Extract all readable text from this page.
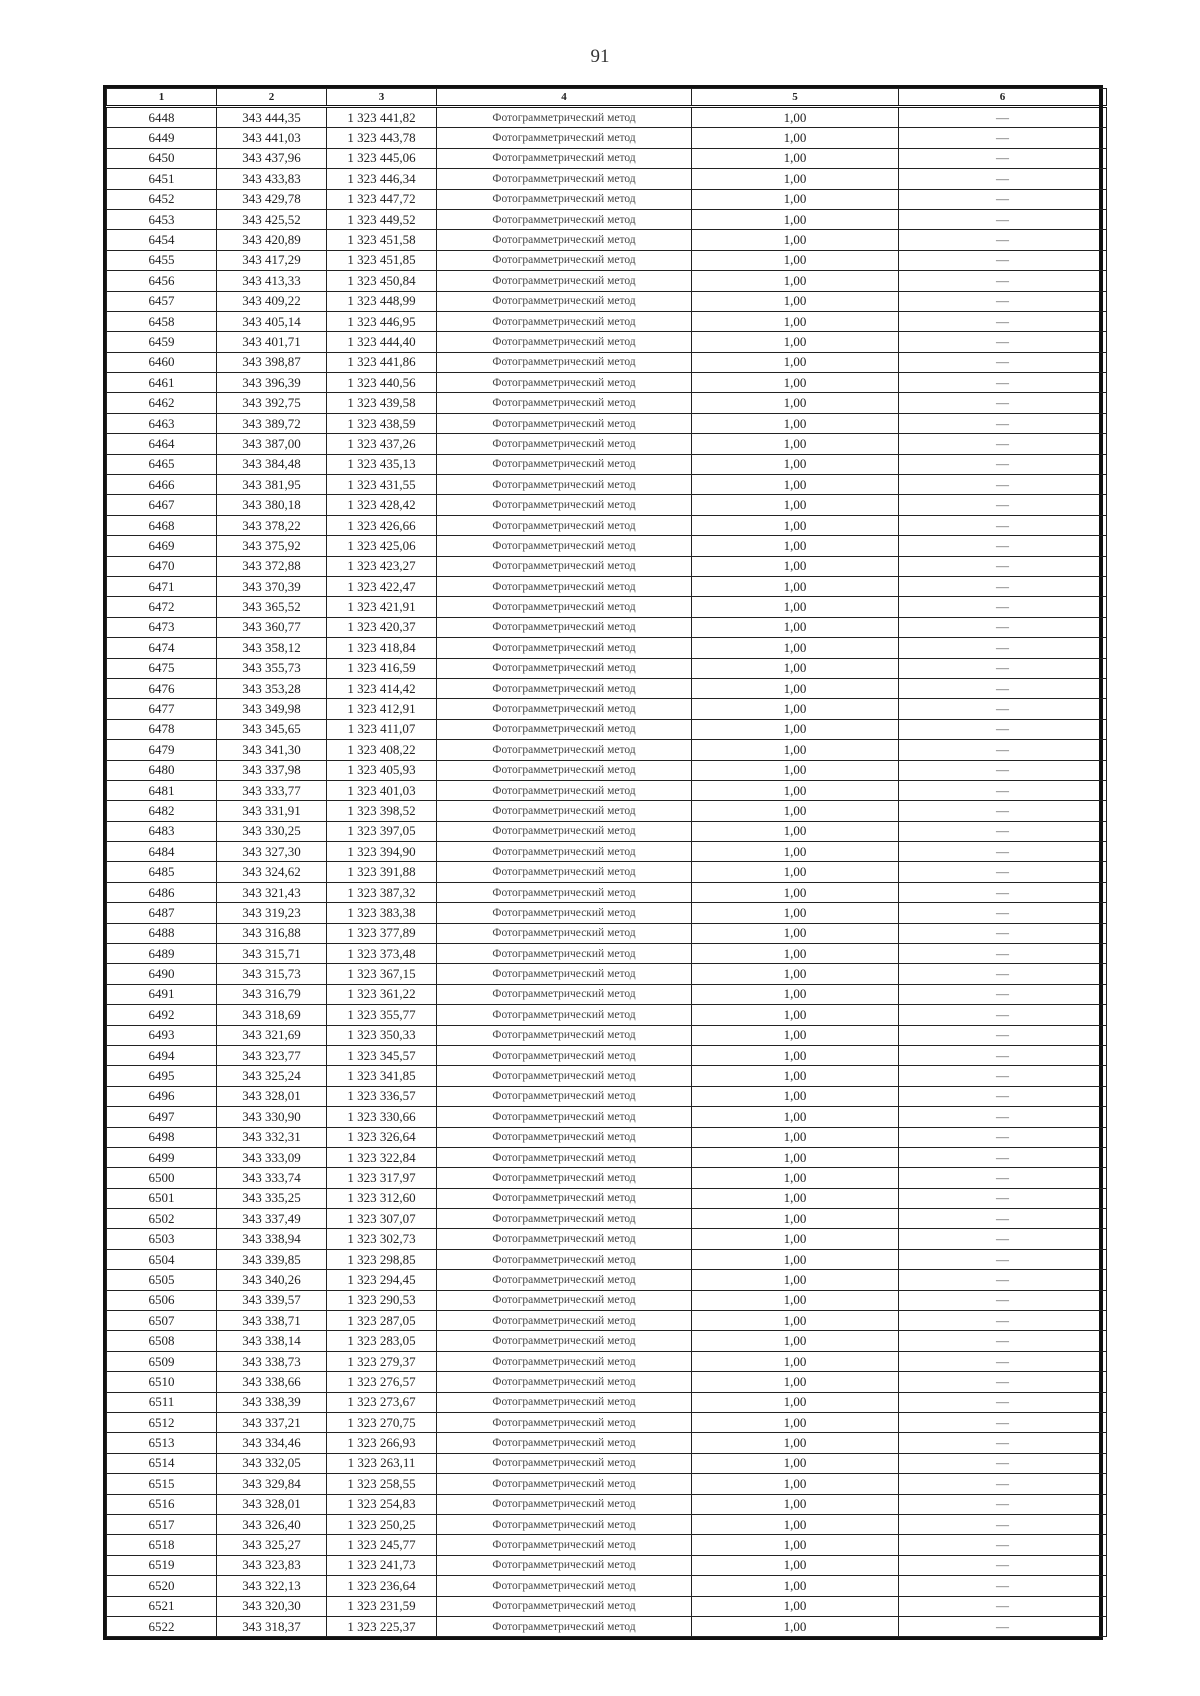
91
1	2	3	4	5	6
6448	343 444,35	1 323 441,82	Фотограмметрический метод	1,00	—
6449	343 441,03	1 323 443,78	Фотограмметрический метод	1,00	—
6450	343 437,96	1 323 445,06	Фотограмметрический метод	1,00	—
6451	343 433,83	1 323 446,34	Фотограмметрический метод	1,00	—
6452	343 429,78	1 323 447,72	Фотограмметрический метод	1,00	—
6453	343 425,52	1 323 449,52	Фотограмметрический метод	1,00	—
6454	343 420,89	1 323 451,58	Фотограмметрический метод	1,00	—
6455	343 417,29	1 323 451,85	Фотограмметрический метод	1,00	—
6456	343 413,33	1 323 450,84	Фотограмметрический метод	1,00	—
6457	343 409,22	1 323 448,99	Фотограмметрический метод	1,00	—
6458	343 405,14	1 323 446,95	Фотограмметрический метод	1,00	—
6459	343 401,71	1 323 444,40	Фотограмметрический метод	1,00	—
6460	343 398,87	1 323 441,86	Фотограмметрический метод	1,00	—
6461	343 396,39	1 323 440,56	Фотограмметрический метод	1,00	—
6462	343 392,75	1 323 439,58	Фотограмметрический метод	1,00	—
6463	343 389,72	1 323 438,59	Фотограмметрический метод	1,00	—
6464	343 387,00	1 323 437,26	Фотограмметрический метод	1,00	—
6465	343 384,48	1 323 435,13	Фотограмметрический метод	1,00	—
6466	343 381,95	1 323 431,55	Фотограмметрический метод	1,00	—
6467	343 380,18	1 323 428,42	Фотограмметрический метод	1,00	—
6468	343 378,22	1 323 426,66	Фотограмметрический метод	1,00	—
6469	343 375,92	1 323 425,06	Фотограмметрический метод	1,00	—
6470	343 372,88	1 323 423,27	Фотограмметрический метод	1,00	—
6471	343 370,39	1 323 422,47	Фотограмметрический метод	1,00	—
6472	343 365,52	1 323 421,91	Фотограмметрический метод	1,00	—
6473	343 360,77	1 323 420,37	Фотограмметрический метод	1,00	—
6474	343 358,12	1 323 418,84	Фотограмметрический метод	1,00	—
6475	343 355,73	1 323 416,59	Фотограмметрический метод	1,00	—
6476	343 353,28	1 323 414,42	Фотограмметрический метод	1,00	—
6477	343 349,98	1 323 412,91	Фотограмметрический метод	1,00	—
6478	343 345,65	1 323 411,07	Фотограмметрический метод	1,00	—
6479	343 341,30	1 323 408,22	Фотограмметрический метод	1,00	—
6480	343 337,98	1 323 405,93	Фотограмметрический метод	1,00	—
6481	343 333,77	1 323 401,03	Фотограмметрический метод	1,00	—
6482	343 331,91	1 323 398,52	Фотограмметрический метод	1,00	—
6483	343 330,25	1 323 397,05	Фотограмметрический метод	1,00	—
6484	343 327,30	1 323 394,90	Фотограмметрический метод	1,00	—
6485	343 324,62	1 323 391,88	Фотограмметрический метод	1,00	—
6486	343 321,43	1 323 387,32	Фотограмметрический метод	1,00	—
6487	343 319,23	1 323 383,38	Фотограмметрический метод	1,00	—
6488	343 316,88	1 323 377,89	Фотограмметрический метод	1,00	—
6489	343 315,71	1 323 373,48	Фотограмметрический метод	1,00	—
6490	343 315,73	1 323 367,15	Фотограмметрический метод	1,00	—
6491	343 316,79	1 323 361,22	Фотограмметрический метод	1,00	—
6492	343 318,69	1 323 355,77	Фотограмметрический метод	1,00	—
6493	343 321,69	1 323 350,33	Фотограмметрический метод	1,00	—
6494	343 323,77	1 323 345,57	Фотограмметрический метод	1,00	—
6495	343 325,24	1 323 341,85	Фотограмметрический метод	1,00	—
6496	343 328,01	1 323 336,57	Фотограмметрический метод	1,00	—
6497	343 330,90	1 323 330,66	Фотограмметрический метод	1,00	—
6498	343 332,31	1 323 326,64	Фотограмметрический метод	1,00	—
6499	343 333,09	1 323 322,84	Фотограмметрический метод	1,00	—
6500	343 333,74	1 323 317,97	Фотограмметрический метод	1,00	—
6501	343 335,25	1 323 312,60	Фотограмметрический метод	1,00	—
6502	343 337,49	1 323 307,07	Фотограмметрический метод	1,00	—
6503	343 338,94	1 323 302,73	Фотограмметрический метод	1,00	—
6504	343 339,85	1 323 298,85	Фотограмметрический метод	1,00	—
6505	343 340,26	1 323 294,45	Фотограмметрический метод	1,00	—
6506	343 339,57	1 323 290,53	Фотограмметрический метод	1,00	—
6507	343 338,71	1 323 287,05	Фотограмметрический метод	1,00	—
6508	343 338,14	1 323 283,05	Фотограмметрический метод	1,00	—
6509	343 338,73	1 323 279,37	Фотограмметрический метод	1,00	—
6510	343 338,66	1 323 276,57	Фотограмметрический метод	1,00	—
6511	343 338,39	1 323 273,67	Фотограмметрический метод	1,00	—
6512	343 337,21	1 323 270,75	Фотограмметрический метод	1,00	—
6513	343 334,46	1 323 266,93	Фотограмметрический метод	1,00	—
6514	343 332,05	1 323 263,11	Фотограмметрический метод	1,00	—
6515	343 329,84	1 323 258,55	Фотограмметрический метод	1,00	—
6516	343 328,01	1 323 254,83	Фотограмметрический метод	1,00	—
6517	343 326,40	1 323 250,25	Фотограмметрический метод	1,00	—
6518	343 325,27	1 323 245,77	Фотограмметрический метод	1,00	—
6519	343 323,83	1 323 241,73	Фотограмметрический метод	1,00	—
6520	343 322,13	1 323 236,64	Фотограмметрический метод	1,00	—
6521	343 320,30	1 323 231,59	Фотограмметрический метод	1,00	—
6522	343 318,37	1 323 225,37	Фотограмметрический метод	1,00	—
